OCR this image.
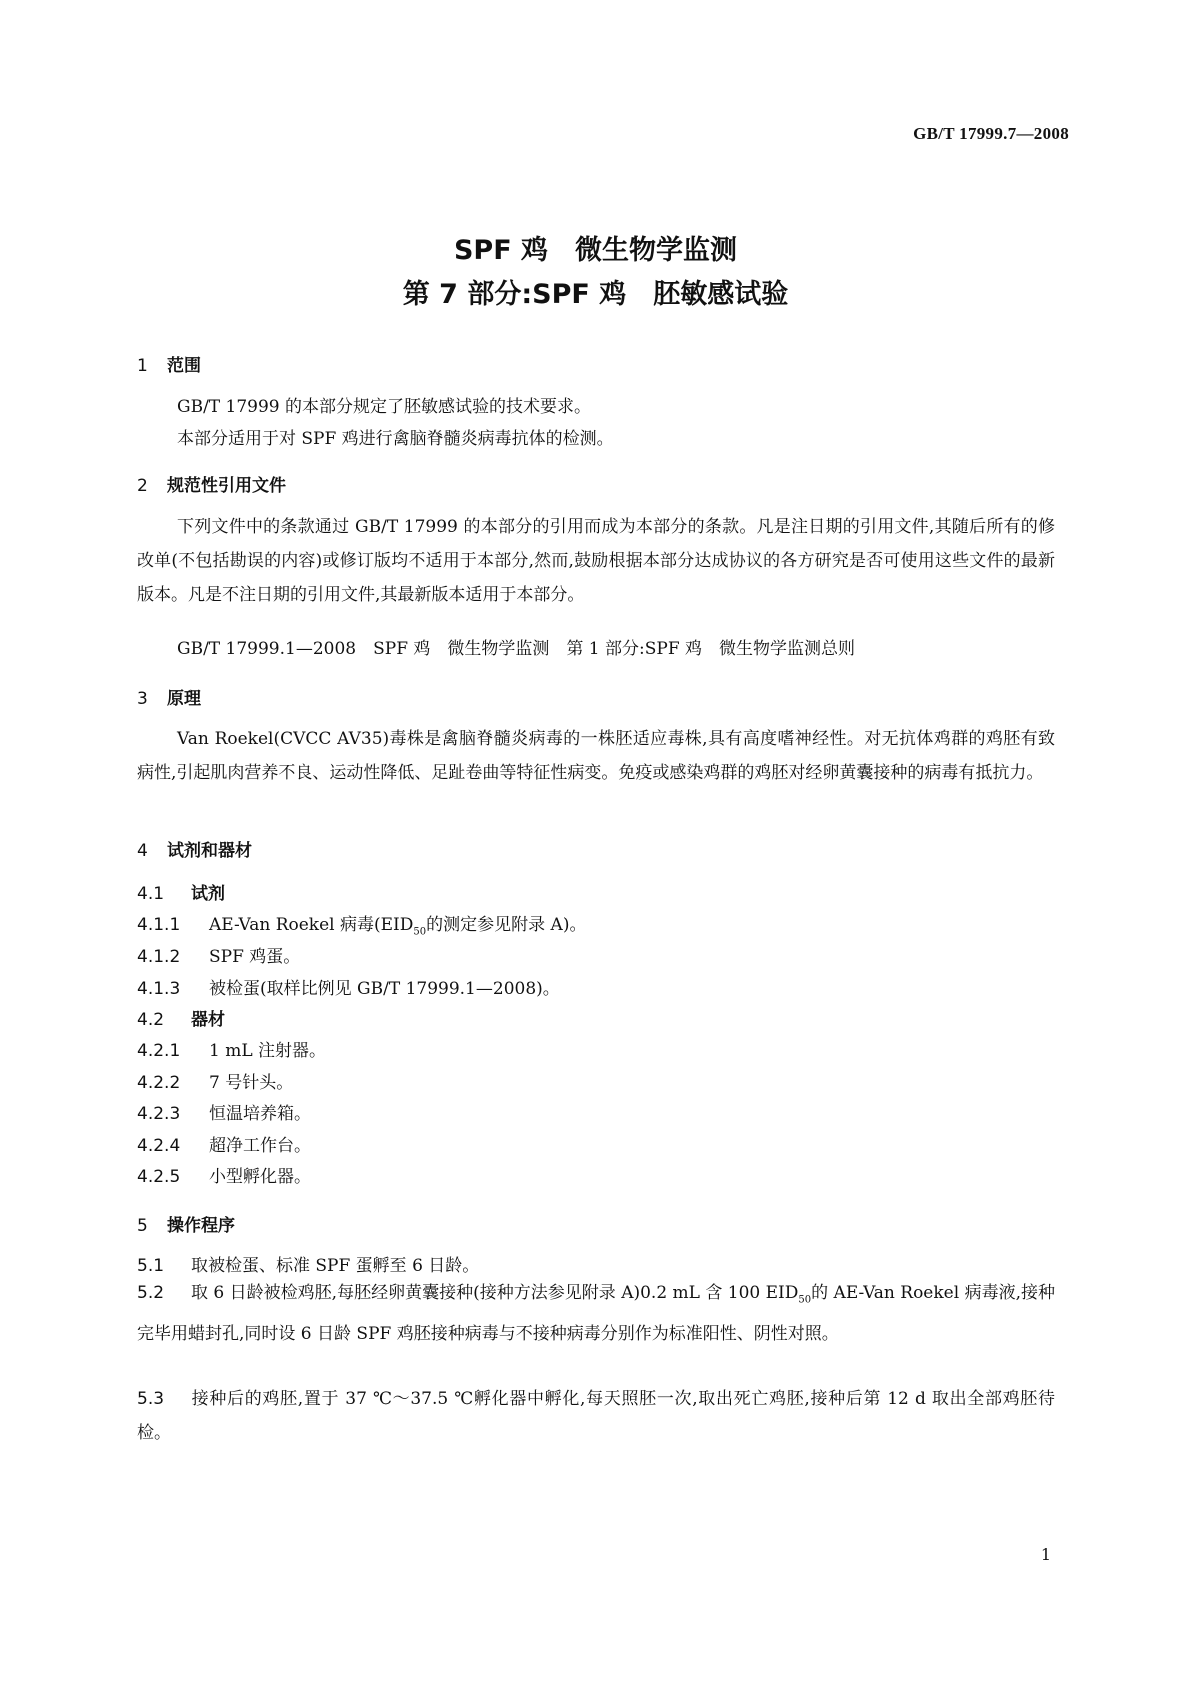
GB/T 17999.7—2008
SPF 鸡　微生物学监测
第 7 部分:SPF 鸡　胚敏感试验
1 范围
GB/T 17999 的本部分规定了胚敏感试验的技术要求。
本部分适用于对 SPF 鸡进行禽脑脊髓炎病毒抗体的检测。
2 规范性引用文件
下列文件中的条款通过 GB/T 17999 的本部分的引用而成为本部分的条款。凡是注日期的引用文件,其随后所有的修改单(不包括勘误的内容)或修订版均不适用于本部分,然而,鼓励根据本部分达成协议的各方研究是否可使用这些文件的最新版本。凡是不注日期的引用文件,其最新版本适用于本部分。
GB/T 17999.1—2008　SPF 鸡　微生物学监测　第 1 部分:SPF 鸡　微生物学监测总则
3 原理
Van Roekel(CVCC AV35)毒株是禽脑脊髓炎病毒的一株胚适应毒株,具有高度嗜神经性。对无抗体鸡群的鸡胚有致病性,引起肌肉营养不良、运动性降低、足趾卷曲等特征性病变。免疫或感染鸡群的鸡胚对经卵黄囊接种的病毒有抵抗力。
4 试剂和器材
4.1 试剂
4.1.1 AE-Van Roekel 病毒($EID_{50}$的测定参见附录 A)。
4.1.2 SPF 鸡蛋。
4.1.3 被检蛋(取样比例见 GB/T 17999.1—2008)。
4.2 器材
4.2.1 1 mL 注射器。
4.2.2 7 号针头。
4.2.3 恒温培养箱。
4.2.4 超净工作台。
4.2.5 小型孵化器。
5 操作程序
5.1 取被检蛋、标准 SPF 蛋孵至 6 日龄。
5.2 取 6 日龄被检鸡胚,每胚经卵黄囊接种(接种方法参见附录 A)0.2 mL 含 100 $EID_{50}$的 AE-Van Roekel 病毒液,接种完毕用蜡封孔,同时设 6 日龄 SPF 鸡胚接种病毒与不接种病毒分别作为标准阳性、阴性对照。
5.3 接种后的鸡胚,置于 37 ℃～37.5 ℃孵化器中孵化,每天照胚一次,取出死亡鸡胚,接种后第 12 d 取出全部鸡胚待检。
1
